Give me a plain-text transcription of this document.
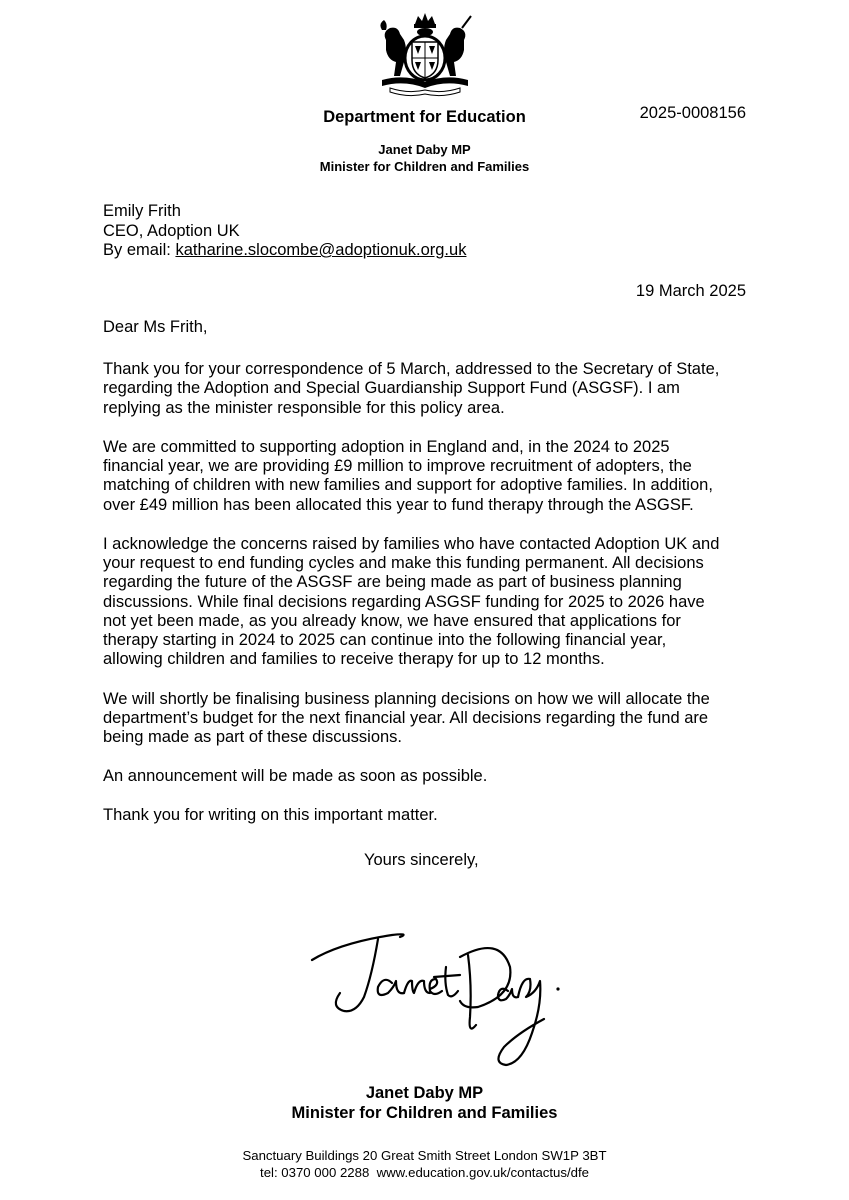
Department for Education	2025-0008156
Janet Daby MP
Minister for Children and Families
Emily Frith
CEO, Adoption UK
By email: katharine.slocombe@adoptionuk.org.uk
19 March 2025
Dear Ms Frith,

Thank you for your correspondence of 5 March, addressed to the Secretary of State,
regarding the Adoption and Special Guardianship Support Fund (ASGSF). I am
replying as the minister responsible for this policy area.

We are committed to supporting adoption in England and, in the 2024 to 2025
financial year, we are providing £9 million to improve recruitment of adopters, the
matching of children with new families and support for adoptive families. In addition,
over £49 million has been allocated this year to fund therapy through the ASGSF.

I acknowledge the concerns raised by families who have contacted Adoption UK and
your request to end funding cycles and make this funding permanent. All decisions
regarding the future of the ASGSF are being made as part of business planning
discussions. While final decisions regarding ASGSF funding for 2025 to 2026 have
not yet been made, as you already know, we have ensured that applications for
therapy starting in 2024 to 2025 can continue into the following financial year,
allowing children and families to receive therapy for up to 12 months.

We will shortly be finalising business planning decisions on how we will allocate the
department’s budget for the next financial year. All decisions regarding the fund are
being made as part of these discussions.

An announcement will be made as soon as possible.

Thank you for writing on this important matter.

Yours sincerely,
Janet Daby MP
Minister for Children and Families
Sanctuary Buildings 20 Great Smith Street London SW1P 3BT
tel: 0370 000 2288  www.education.gov.uk/contactus/dfe
